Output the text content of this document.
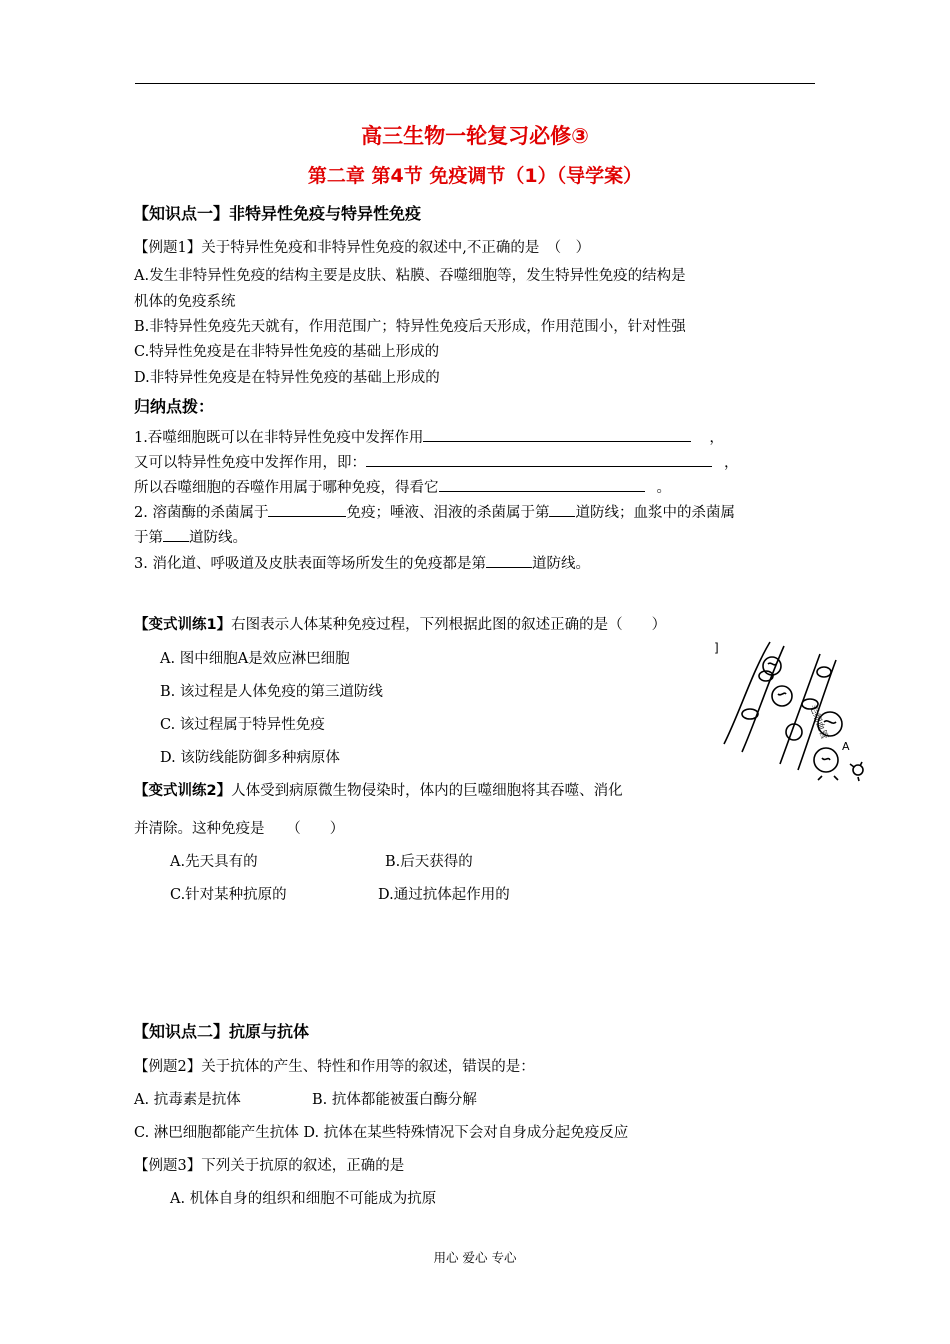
高三生物一轮复习必修③
第二章 第4节 免疫调节（1）（导学案）
【知识点一】非特异性免疫与特异性免疫
【例题1】关于特异性免疫和非特异性免疫的叙述中,不正确的是　（　）
A.发生非特异性免疫的结构主要是皮肤、粘膜、吞噬细胞等，发生特异性免疫的结构是
机体的免疫系统
B.非特异性免疫先天就有，作用范围广；特异性免疫后天形成，作用范围小，针对性强
C.特异性免疫是在非特异性免疫的基础上形成的
D.非特异性免疫是在特异性免疫的基础上形成的
归纳点拨：
1.吞噬细胞既可以在非特异性免疫中发挥作用	，
又可以特异性免疫中发挥作用，即：	，
所以吞噬细胞的吞噬作用属于哪种免疫，得看它	。
2. 溶菌酶的杀菌属于	免疫；唾液、泪液的杀菌属于第 道防线；血浆中的杀菌属
于第 道防线。
3. 消化道、呼吸道及皮肤表面等场所发生的免疫都是第	道防线。
【变式训练1】右图表示人体某种免疫过程，下列根据此图的叙述正确的是（　　）
A. 图中细胞A是效应淋巴细胞
B. 该过程是人体免疫的第三道防线
C. 该过程属于特异性免疫
D. 该防线能防御多种病原体
]
毛细血管
A
【变式训练2】人体受到病原微生物侵染时，体内的巨噬细胞将其吞噬、消化
并清除。这种免疫是　　（　　）
A.先天具有的	B.后天获得的
C.针对某种抗原的	D.通过抗体起作用的
【知识点二】抗原与抗体
【例题2】关于抗体的产生、特性和作用等的叙述，错误的是：
A. 抗毒素是抗体	B. 抗体都能被蛋白酶分解
C. 淋巴细胞都能产生抗体 D. 抗体在某些特殊情况下会对自身成分起免疫反应
【例题3】下列关于抗原的叙述，正确的是
A. 机体自身的组织和细胞不可能成为抗原
用心 爱心 专心
